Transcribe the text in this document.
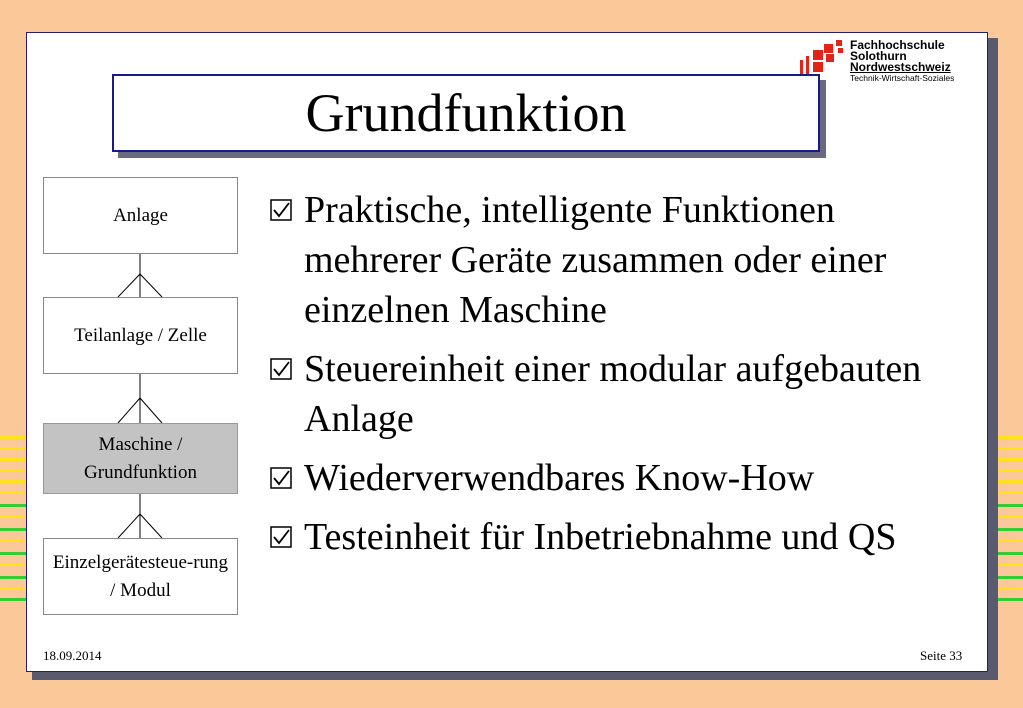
Fachhochschule
Solothurn
Nordwestschweiz
Technik-Wirtschaft-Soziales
Grundfunktion
Anlage
Teilanlage / Zelle
Maschine / Grundfunktion
Einzelgerätesteue-rung / Modul
Praktische, intelligente Funktionen mehrerer Geräte zusammen oder einer einzelnen Maschine
Steuereinheit einer modular aufgebauten Anlage
Wiederverwendbares Know-How
Testeinheit für Inbetriebnahme und QS
18.09.2014	Seite 33
